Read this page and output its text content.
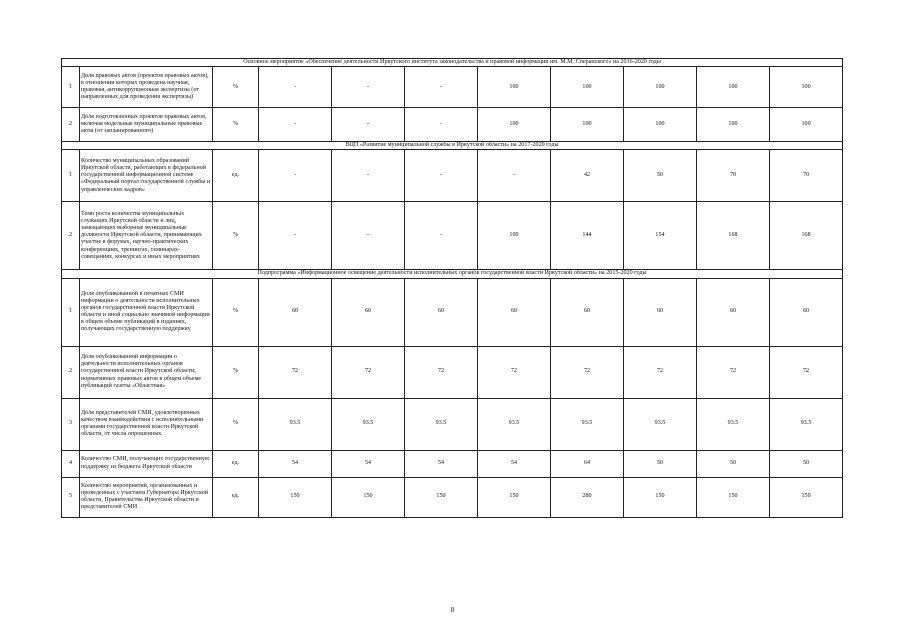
Основное мероприятие «Обеспечение деятельности Иркутского института законодательства и правовой информации им. М.М. Сперанского» на 2016-2020 годы										
1	Доля правовых актов (проектов правовых актов), в отношении которых проведена научная, правовая, антикоррупционная экспертизы (от направленных для проведения экспертизы)	%	-	-	-	100	100	100	100	100
2	Доля подготовленных проектов правовых актов, включая модельные муниципальные правовые акты (от запланированного)	%	-	-	-	100	100	100	100	100
ВЦП «Развитие муниципальной службы в Иркутской области» на 2017-2020 годы										
1	Количество муниципальных образований Иркутской области, работающих в федеральной государственной информационной системе «Федеральный портал государственной службы и управленческих кадров»	ед.	-	-	-	-	42	50	70	70
2	Темп роста количества муниципальных служащих Иркутской области и лиц, замещающих выборные муниципальные должности Иркутской области, принимающих участие в форумах, научно-практических конференциях, тренингах, семинарах-совещаниях, конкурсах и иных мероприятиях	%	-	-	-	100	144	154	168	168
Подпрограмма «Информационное освещение деятельности исполнительных органов государственной власти Иркутской области» на 2015-2020 годы										
1	Доля опубликованной в печатных СМИ информации о деятельности исполнительных органов государственной власти Иркутской области и иной социально значимой информации в общем объеме публикаций в изданиях, получающих государственную поддержку	%	60	60	60	60	60	60	60	60
2	Доля опубликованной информации о деятельности исполнительных органов государственной власти Иркутской области, нормативных правовых актов в общем объеме публикаций газеты «Областная»	%	72	72	72	72	72	72	72	72
3	Доля представителей СМИ, удовлетворенных качеством взаимодействия с исполнительными органами государственной власти Иркутской области, от числа опрошенных	%	93.5	93.5	93.5	93.5	93.5	93.5	93.5	93.5
4	Количество СМИ, получающих государственную поддержку из бюджета Иркутской области	ед.	54	54	54	54	64	50	50	50
5	Количество мероприятий, организованных и проведенных с участием Губернатора Иркутской области, Правительства Иркутской области и представителей СМИ	ед.	150	150	150	150	280	150	150	150
8
